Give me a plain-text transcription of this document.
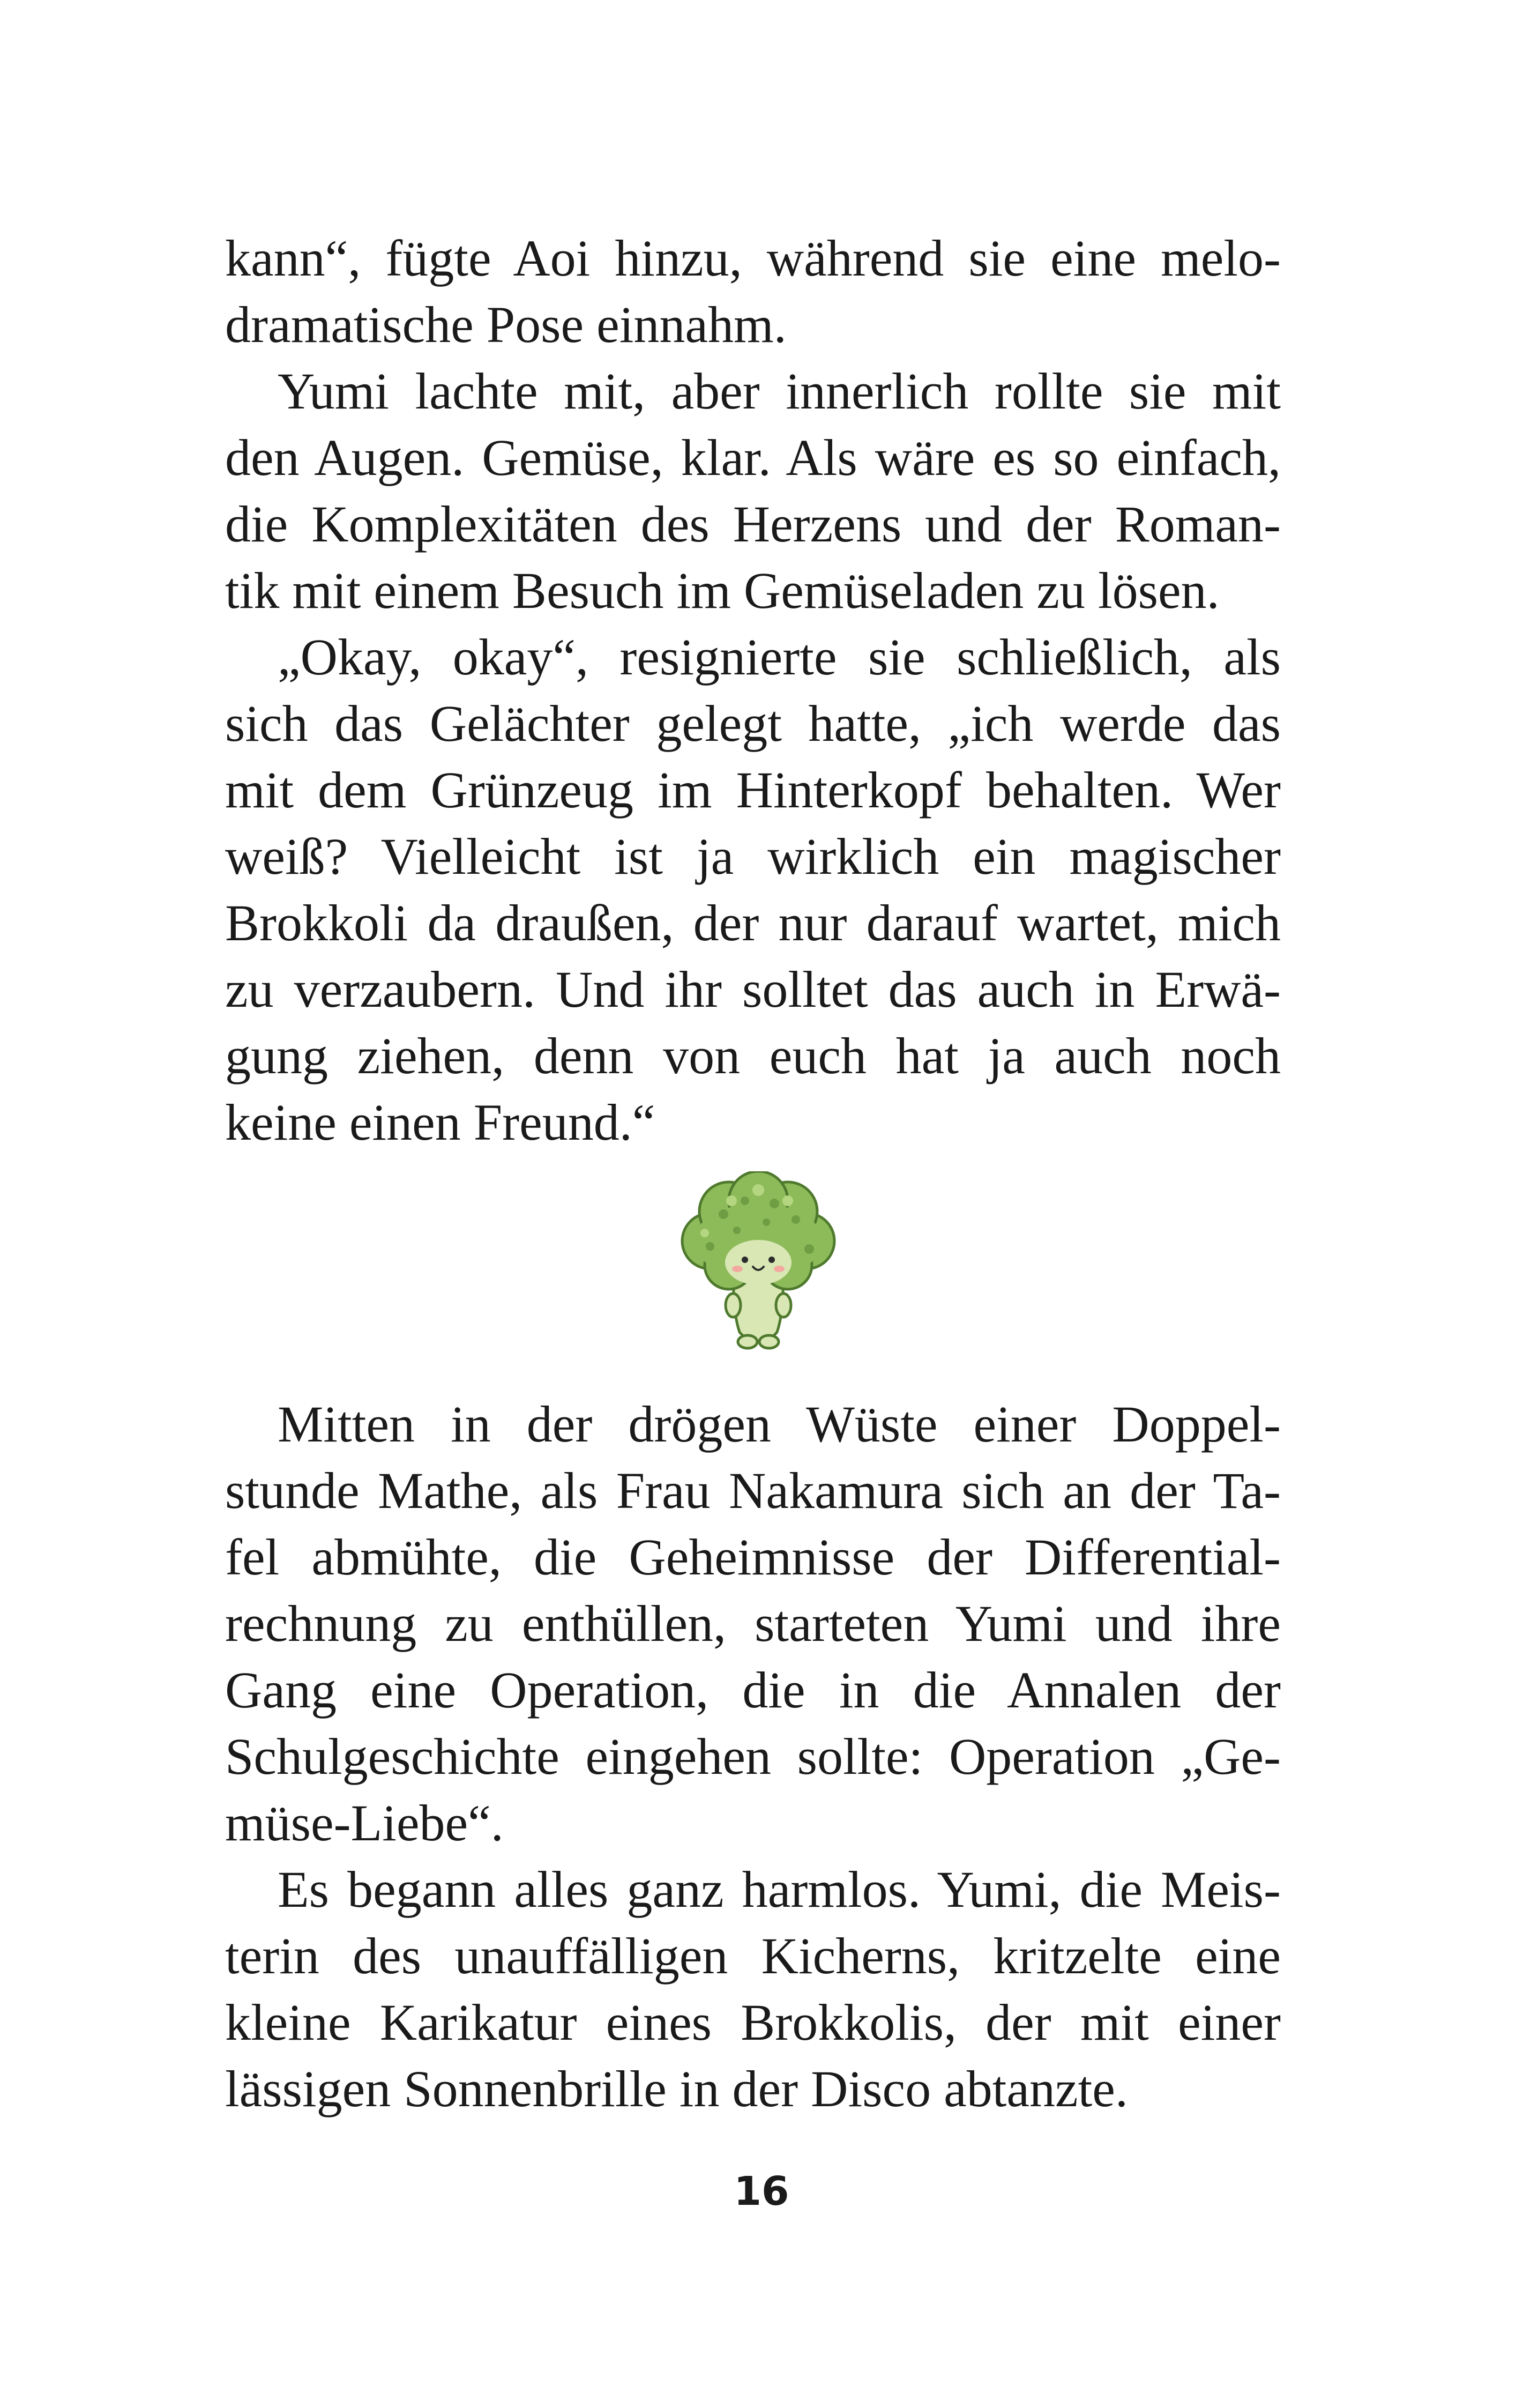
kann“, fügte Aoi hinzu, während sie eine melo-
dramatische Pose einnahm.
Yumi lachte mit, aber innerlich rollte sie mit
den Augen. Gemüse, klar. Als wäre es so einfach,
die Komplexitäten des Herzens und der Roman-
tik mit einem Besuch im Gemüseladen zu lösen.
„Okay, okay“, resignierte sie schließlich, als
sich das Gelächter gelegt hatte, „ich werde das
mit dem Grünzeug im Hinterkopf behalten. Wer
weiß? Vielleicht ist ja wirklich ein magischer
Brokkoli da draußen, der nur darauf wartet, mich
zu verzaubern. Und ihr solltet das auch in Erwä-
gung ziehen, denn von euch hat ja auch noch
keine einen Freund.“
Mitten in der drögen Wüste einer Doppel-
stunde Mathe, als Frau Nakamura sich an der Ta-
fel abmühte, die Geheimnisse der Differential-
rechnung zu enthüllen, starteten Yumi und ihre
Gang eine Operation, die in die Annalen der
Schulgeschichte eingehen sollte: Operation „Ge-
müse-Liebe“.
Es begann alles ganz harmlos. Yumi, die Meis-
terin des unauffälligen Kicherns, kritzelte eine
kleine Karikatur eines Brokkolis, der mit einer
lässigen Sonnenbrille in der Disco abtanzte.
16
